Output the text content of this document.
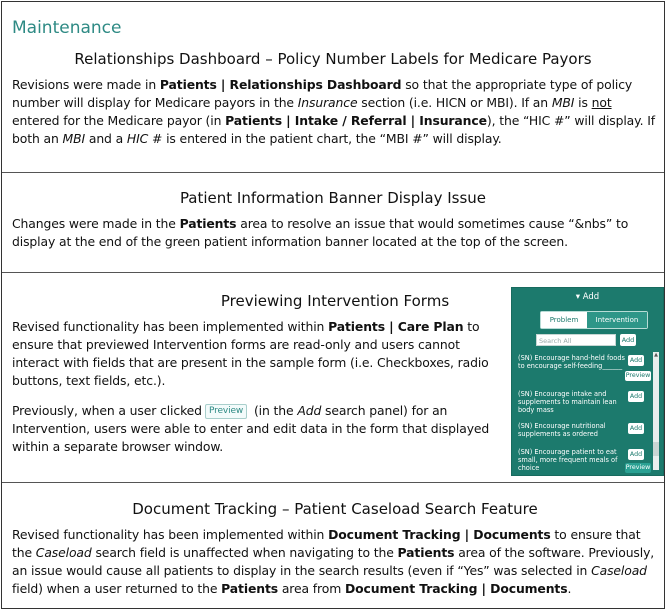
Maintenance
Relationships Dashboard – Policy Number Labels for Medicare Payors

Revisions were made in Patients | Relationships Dashboard so that the appropriate type of policy number will display for Medicare payors in the Insurance section (i.e. HICN or MBI). If an MBI is not entered for the Medicare payor (in Patients | Intake / Referral | Insurance), the “HIC #” will display. If both an MBI and a HIC # is entered in the patient chart, the “MBI #” will display.

Patient Information Banner Display Issue

Changes were made in the Patients area to resolve an issue that would sometimes cause “&nbs” to display at the end of the green patient information banner located at the top of the screen.

Previewing Intervention Forms

Revised functionality has been implemented within Patients | Care Plan to ensure that previewed Intervention forms are read-only and users cannot interact with fields that are present in the sample form (i.e. Checkboxes, radio buttons, text fields, etc.).

Previously, when a user clicked Preview (in the Add search panel) for an Intervention, users were able to enter and edit data in the form that displayed within a separate browser window.

▾ Add
Problem	Intervention
Search All	Add
(SN) Encourage hand-held foods to encourage self-feeding______
Add
Preview
(SN) Encourage intake and supplements to maintain lean body mass
Add
(SN) Encourage nutritional supplements as ordered
Add
(SN) Encourage patient to eat small, more frequent meals of choice
Add
Preview
▲
Document Tracking – Patient Caseload Search Feature

Revised functionality has been implemented within Document Tracking | Documents to ensure that the Caseload search field is unaffected when navigating to the Patients area of the software. Previously, an issue would cause all patients to display in the search results (even if “Yes” was selected in Caseload field) when a user returned to the Patients area from Document Tracking | Documents.
